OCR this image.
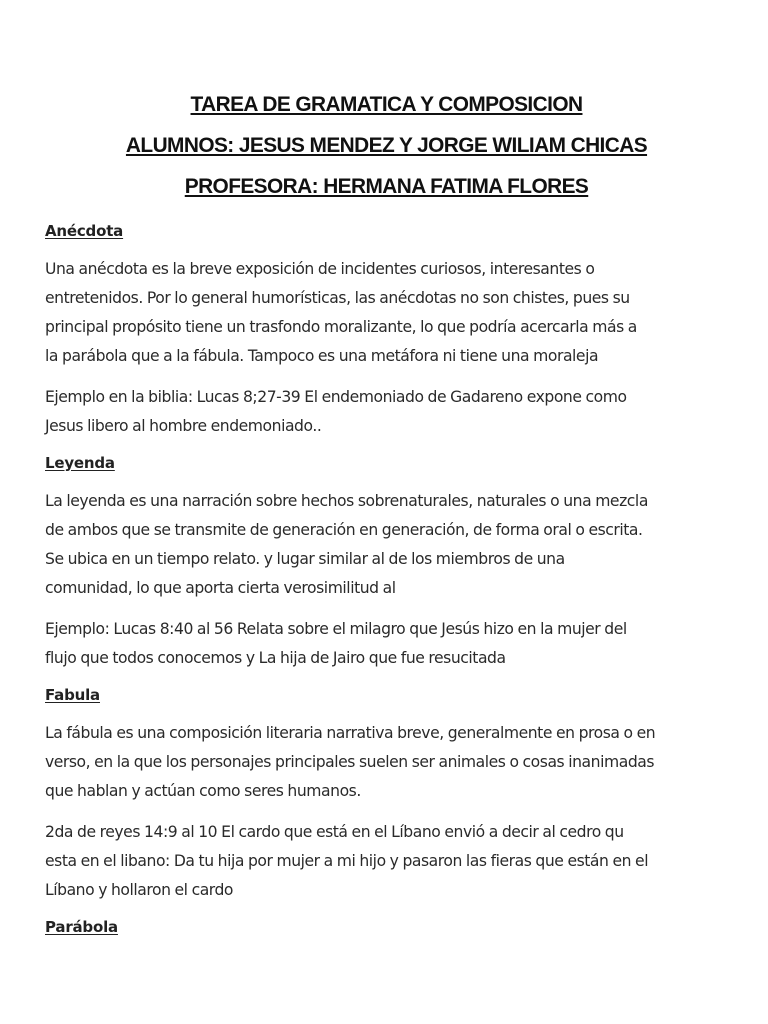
TAREA DE GRAMATICA Y COMPOSICION
ALUMNOS: JESUS MENDEZ Y JORGE WILIAM CHICAS
PROFESORA: HERMANA FATIMA FLORES
Anécdota
Una anécdota es la breve exposición de incidentes curiosos, interesantes o
entretenidos. Por lo general humorísticas, las anécdotas no son chistes, pues su
principal propósito tiene un trasfondo moralizante, lo que podría acercarla más a
la parábola que a la fábula. Tampoco es una metáfora ni tiene una moraleja
Ejemplo en la biblia: Lucas 8;27-39 El endemoniado de Gadareno expone como
Jesus libero al hombre endemoniado..
Leyenda
La leyenda es una narración sobre hechos sobrenaturales, naturales o una mezcla
de ambos que se transmite de generación en generación, de forma oral o escrita.
Se ubica en un tiempo relato. y lugar similar al de los miembros de una
comunidad, lo que aporta cierta verosimilitud al
Ejemplo: Lucas 8:40 al 56 Relata sobre el milagro que Jesús hizo en la mujer del
flujo que todos conocemos y La hija de Jairo que fue resucitada
Fabula
La fábula es una composición literaria narrativa breve, generalmente en prosa o en
verso, en la que los personajes principales suelen ser animales o cosas inanimadas
que hablan y actúan como seres humanos.
2da de reyes 14:9 al 10 El cardo que está en el Líbano envió a decir al cedro qu
esta en el libano: Da tu hija por mujer a mi hijo y pasaron las fieras que están en el
Líbano y hollaron el cardo
Parábola
